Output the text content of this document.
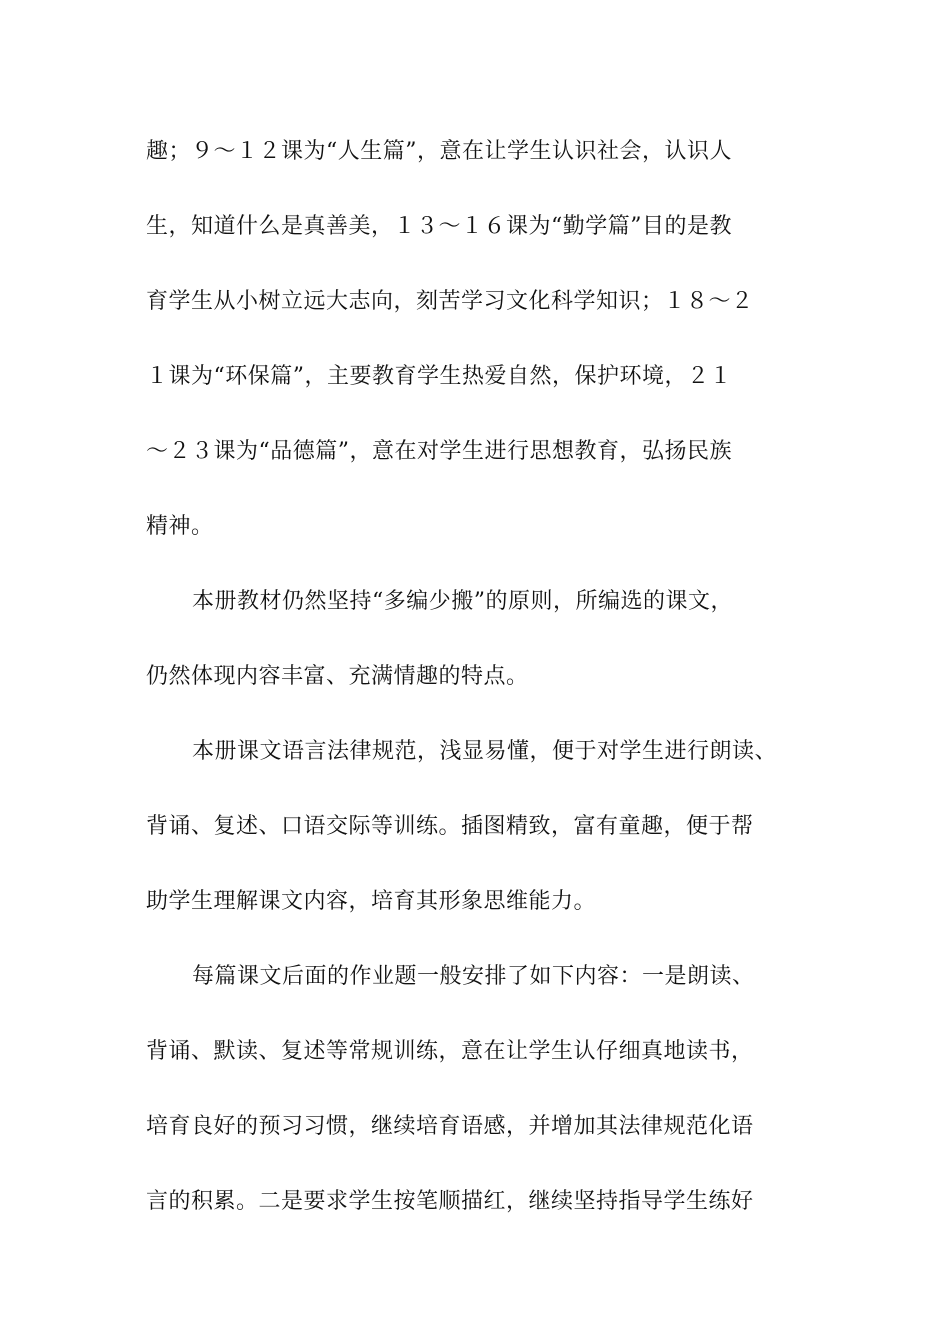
趣；９～１２课为“人生篇”，意在让学生认识社会，认识人
生，知道什么是真善美，１３～１６课为“勤学篇”目的是教
育学生从小树立远大志向，刻苦学习文化科学知识；１８～２
１课为“环保篇”，主要教育学生热爱自然，保护环境，２１
～２３课为“品德篇”，意在对学生进行思想教育，弘扬民族
精神。
本册教材仍然坚持“多编少搬”的原则，所编选的课文，
仍然体现内容丰富、充满情趣的特点。
本册课文语言法律规范，浅显易懂，便于对学生进行朗读、
背诵、复述、口语交际等训练。插图精致，富有童趣，便于帮
助学生理解课文内容，培育其形象思维能力。
每篇课文后面的作业题一般安排了如下内容：一是朗读、
背诵、默读、复述等常规训练，意在让学生认仔细真地读书，
培育良好的预习习惯，继续培育语感，并增加其法律规范化语
言的积累。二是要求学生按笔顺描红，继续坚持指导学生练好
